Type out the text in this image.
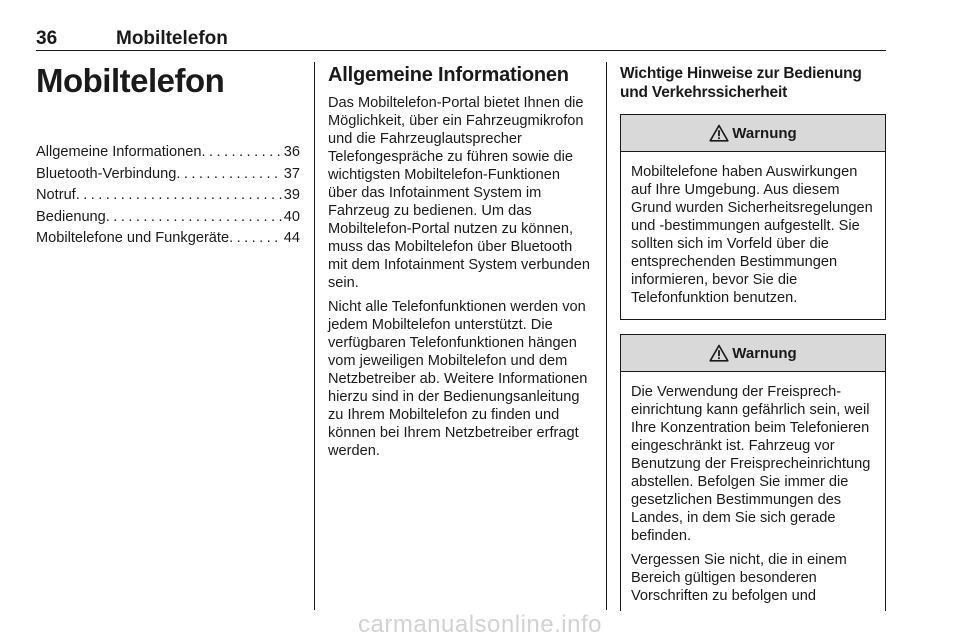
36	Mobiltelefon
Mobiltelefon
Allgemeine Informationen . . .	36
Bluetooth-Verbindung . . .	37
Notruf . . .	39
Bedienung . . .	40
Mobiltelefone und Funkgeräte . . .	44
Allgemeine Informationen

Das Mobiltelefon-Portal bietet Ihnen die Möglichkeit, über ein Fahrzeugmikrofon und die Fahrzeuglautsprecher Telefongespräche zu führen sowie die wichtigsten Mobiltelefon-Funktionen über das Infotainment System im Fahrzeug zu bedienen. Um das Mobiltelefon-Portal nutzen zu können, muss das Mobiltelefon über Bluetooth mit dem Infotainment System verbunden sein.

Nicht alle Telefonfunktionen werden von jedem Mobiltelefon unterstützt. Die verfügbaren Telefonfunktionen hängen vom jeweiligen Mobiltelefon und dem Netzbetreiber ab. Weitere Informationen hierzu sind in der Bedienungsanleitung zu Ihrem Mobiltelefon zu finden und können bei Ihrem Netzbetreiber erfragt werden.

Wichtige Hinweise zur Bedienung und Verkehrssicherheit
Warnung

Mobiltelefone haben Auswirkungen auf Ihre Umgebung. Aus diesem Grund wurden Sicherheitsregelungen und -bestimmungen aufgestellt. Sie sollten sich im Vorfeld über die entsprechenden Bestimmungen informieren, bevor Sie die Telefonfunktion benutzen.

Warnung

Die Verwendung der Freisprecheinrichtung kann gefährlich sein, weil Ihre Konzentration beim Telefonieren eingeschränkt ist. Fahrzeug vor Benutzung der Freisprecheinrichtung abstellen. Befolgen Sie immer die gesetzlichen Bestimmungen des Landes, in dem Sie sich gerade befinden.

Vergessen Sie nicht, die in einem Bereich gültigen besonderen Vorschriften zu befolgen und

carmanualsonline.info
